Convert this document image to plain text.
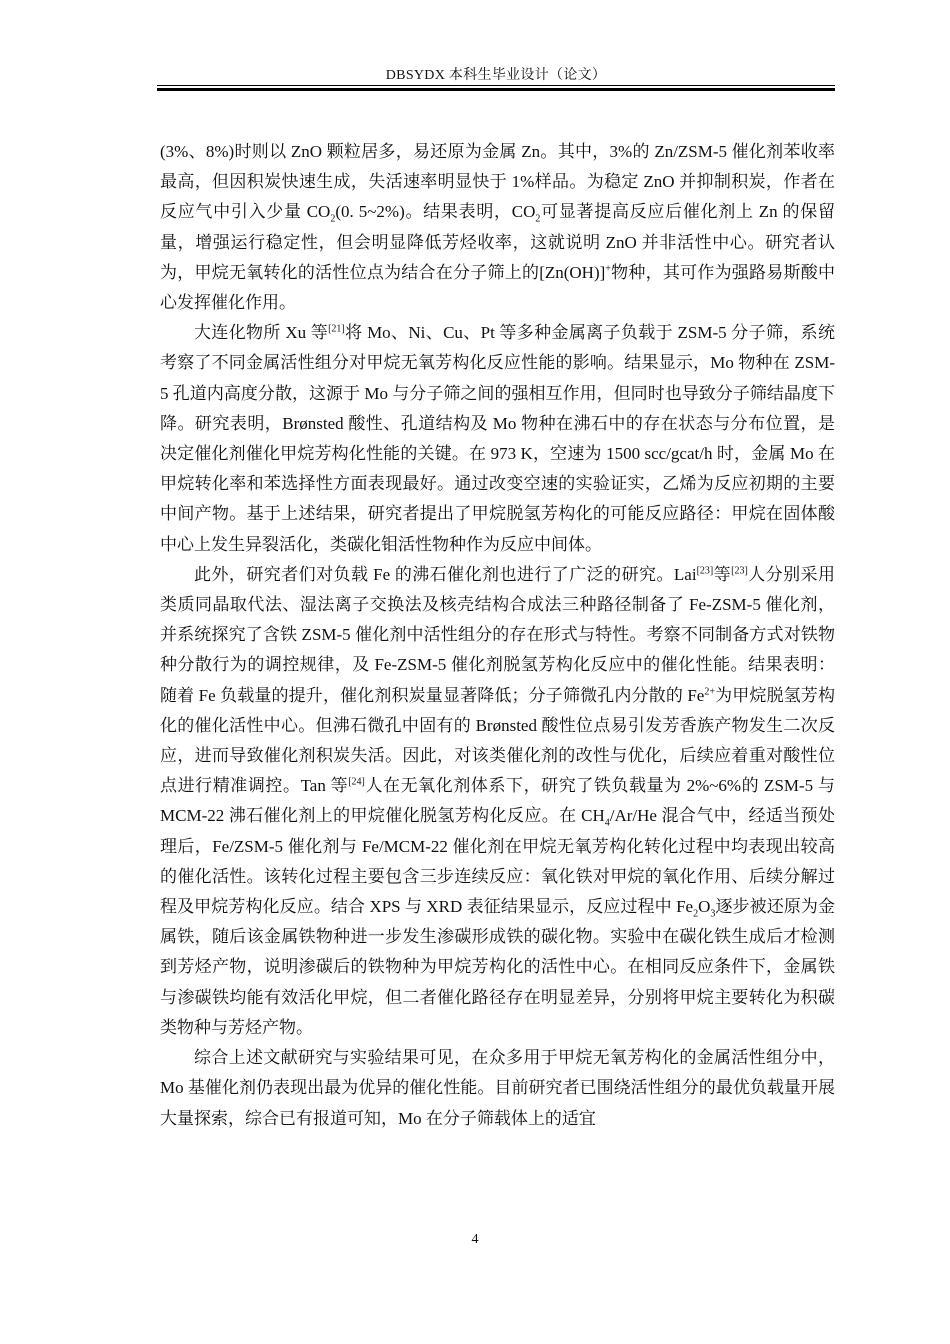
DBSYDX 本科生毕业设计（论文）

(3%、8%)时则以 ZnO 颗粒居多，易还原为金属 Zn。其中，3%的 Zn/ZSM-5 催化剂苯收率最高，但因积炭快速生成，失活速率明显快于 1%样品。为稳定 ZnO 并抑制积炭，作者在反应气中引入少量 $CO_2(0$. 5~2%)。结果表明，$CO_2$可显著提高反应后催化剂上 Zn 的保留量，增强运行稳定性，但会明显降低芳烃收率，这就说明 ZnO 并非活性中心。研究者认为，甲烷无氧转化的活性位点为结合在分子筛上的[Zn(OH)]+物种，其可作为强路易斯酸中心发挥催化作用。

大连化物所 Xu 等[21]将 Mo、Ni、Cu、Pt 等多种金属离子负载于 ZSM-5 分子筛，系统考察了不同金属活性组分对甲烷无氧芳构化反应性能的影响。结果显示，Mo 物种在 ZSM-5 孔道内高度分散，这源于 Mo 与分子筛之间的强相互作用，但同时也导致分子筛结晶度下降。研究表明，Brønsted 酸性、孔道结构及 Mo 物种在沸石中的存在状态与分布位置，是决定催化剂催化甲烷芳构化性能的关键。在 973 K，空速为 1500 scc/gcat/h 时，金属 Mo 在甲烷转化率和苯选择性方面表现最好。通过改变空速的实验证实，乙烯为反应初期的主要中间产物。基于上述结果，研究者提出了甲烷脱氢芳构化的可能反应路径：甲烷在固体酸中心上发生异裂活化，类碳化钼活性物种作为反应中间体。

此外，研究者们对负载 Fe 的沸石催化剂也进行了广泛的研究。Lai[23]等[23]人分别采用类质同晶取代法、湿法离子交换法及核壳结构合成法三种路径制备了 Fe-ZSM-5 催化剂，并系统探究了含铁 ZSM-5 催化剂中活性组分的存在形式与特性。考察不同制备方式对铁物种分散行为的调控规律，及 Fe-ZSM-5 催化剂脱氢芳构化反应中的催化性能。结果表明：随着 Fe 负载量的提升，催化剂积炭量显著降低；分子筛微孔内分散的 $Fe^{2+}$为甲烷脱氢芳构化的催化活性中心。但沸石微孔中固有的 Brønsted 酸性位点易引发芳香族产物发生二次反应，进而导致催化剂积炭失活。因此，对该类催化剂的改性与优化，后续应着重对酸性位点进行精准调控。Tan 等[24]人在无氧化剂体系下，研究了铁负载量为 2%~6%的 ZSM-5 与 MCM-22 沸石催化剂上的甲烷催化脱氢芳构化反应。在 $CH_4/Ar/He$ 混合气中，经适当预处理后，Fe/ZSM-5 催化剂与 Fe/MCM-22 催化剂在甲烷无氧芳构化转化过程中均表现出较高的催化活性。该转化过程主要包含三步连续反应：氧化铁对甲烷的氧化作用、后续分解过程及甲烷芳构化反应。结合 XPS 与 XRD 表征结果显示，反应过程中 $Fe_2O_3$逐步被还原为金属铁，随后该金属铁物种进一步发生渗碳形成铁的碳化物。实验中在碳化铁生成后才检测到芳烃产物，说明渗碳后的铁物种为甲烷芳构化的活性中心。在相同反应条件下，金属铁与渗碳铁均能有效活化甲烷，但二者催化路径存在明显差异，分别将甲烷主要转化为积碳类物种与芳烃产物。

综合上述文献研究与实验结果可见，在众多用于甲烷无氧芳构化的金属活性组分中，Mo 基催化剂仍表现出最为优异的催化性能。目前研究者已围绕活性组分的最优负载量开展大量探索，综合已有报道可知，Mo 在分子筛载体上的适宜

4
